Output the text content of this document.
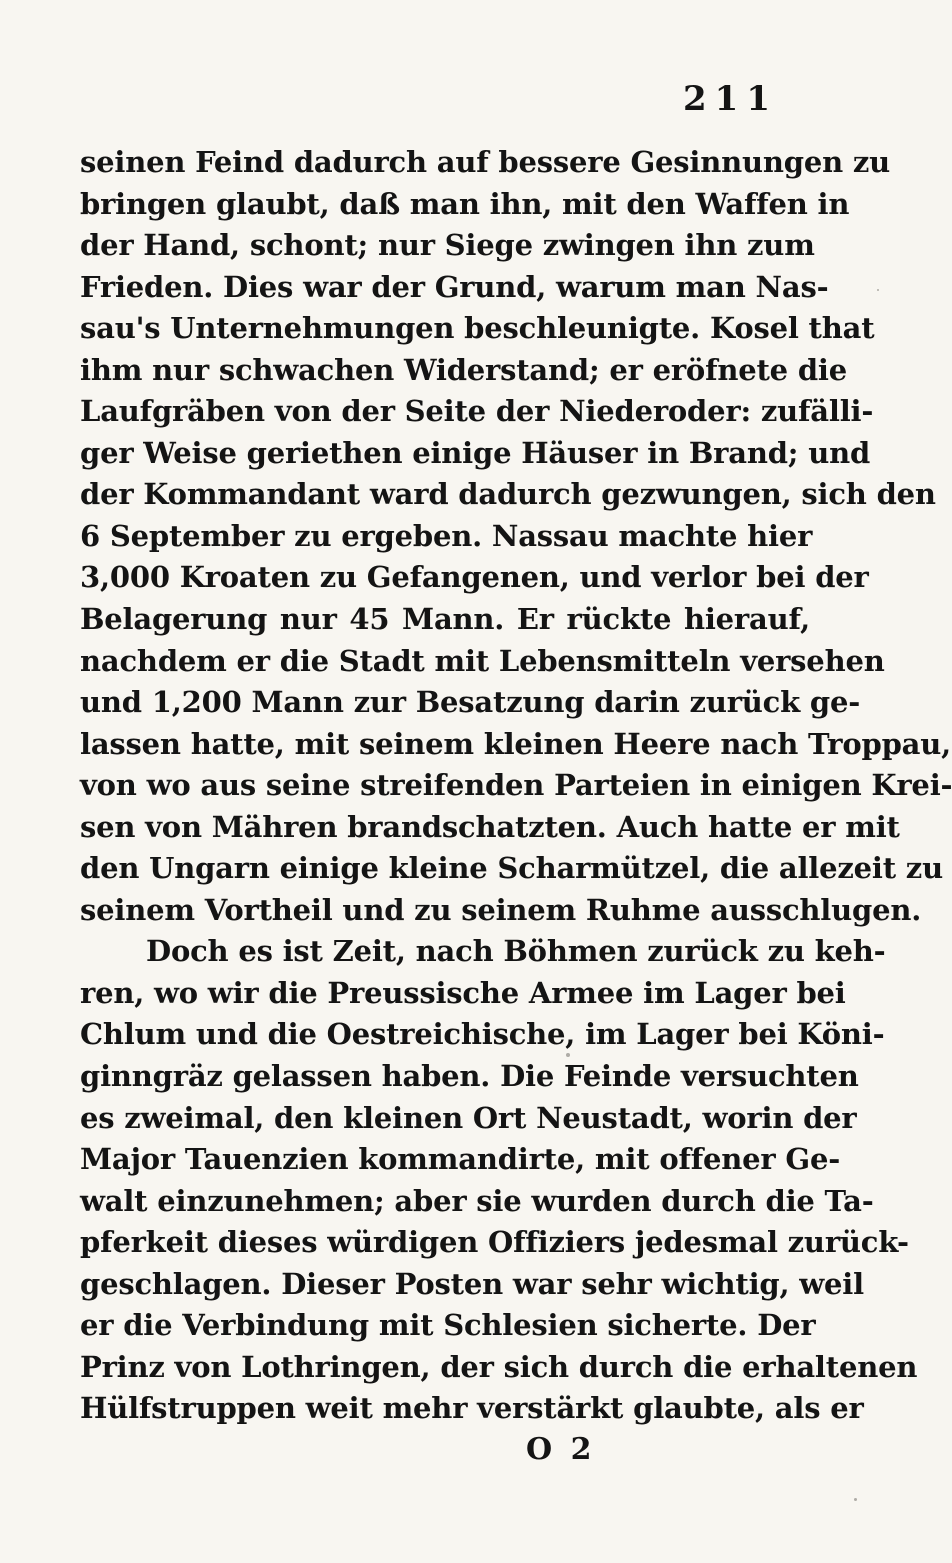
211
seinen Feind dadurch auf bessere Gesinnungen zu
bringen glaubt, daß man ihn, mit den Waffen in
der Hand, schont; nur Siege zwingen ihn zum
Frieden. Dies war der Grund, warum man Nas-
sau's Unternehmungen beschleunigte. Kosel that
ihm nur schwachen Widerstand; er eröfnete die
Laufgräben von der Seite der Niederoder: zufälli-
ger Weise geriethen einige Häuser in Brand; und
der Kommandant ward dadurch gezwungen, sich den
6 September zu ergeben. Nassau machte hier
3,000 Kroaten zu Gefangenen, und verlor bei der
Belagerung nur 45 Mann. Er rückte hierauf,
nachdem er die Stadt mit Lebensmitteln versehen
und 1,200 Mann zur Besatzung darin zurück ge-
lassen hatte, mit seinem kleinen Heere nach Troppau,
von wo aus seine streifenden Parteien in einigen Krei-
sen von Mähren brandschatzten. Auch hatte er mit
den Ungarn einige kleine Scharmützel, die allezeit zu
seinem Vortheil und zu seinem Ruhme ausschlugen.
Doch es ist Zeit, nach Böhmen zurück zu keh-
ren, wo wir die Preussische Armee im Lager bei
Chlum und die Oestreichische, im Lager bei Köni-
ginngräz gelassen haben. Die Feinde versuchten
es zweimal, den kleinen Ort Neustadt, worin der
Major Tauenzien kommandirte, mit offener Ge-
walt einzunehmen; aber sie wurden durch die Ta-
pferkeit dieses würdigen Offiziers jedesmal zurück-
geschlagen. Dieser Posten war sehr wichtig, weil
er die Verbindung mit Schlesien sicherte. Der
Prinz von Lothringen, der sich durch die erhaltenen
Hülfstruppen weit mehr verstärkt glaubte, als er
O 2
